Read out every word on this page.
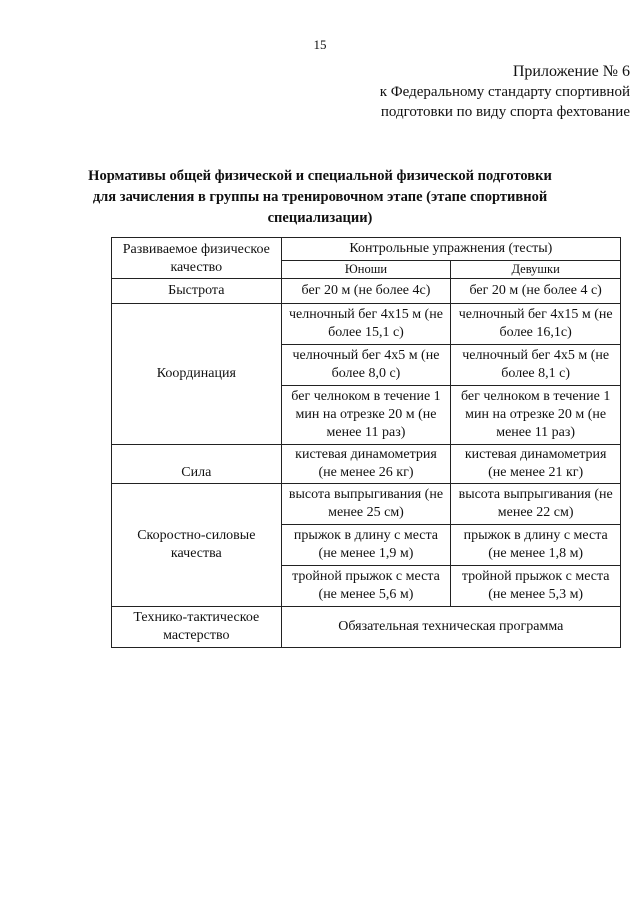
15
Приложение № 6
к Федеральному стандарту спортивной
подготовки по виду спорта фехтование
Нормативы общей физической и специальной физической подготовки
для зачисления в группы на тренировочном этапе (этапе спортивной
специализации)
Развиваемое физическое качество	Контрольные упражнения (тесты)	
	Юноши	Девушки
Быстрота	бег 20 м (не более 4с)	бег 20 м (не более 4 с)
Координация	челночный бег 4x15 м (не более 15,1 с)	челночный бег 4x15 м (не более 16,1с)
	челночный бег 4x5 м (не более 8,0 с)	челночный бег 4x5 м (не более 8,1 с)
	бег челноком в течение 1 мин на отрезке 20 м (не менее 11 раз)	бег челноком в течение 1 мин на отрезке 20 м (не менее 11 раз)
Сила	кистевая динамометрия (не менее 26 кг)	кистевая динамометрия (не менее 21 кг)
Скоростно-силовые качества	высота выпрыгивания (не менее 25 см)	высота выпрыгивания (не менее 22 см)
	прыжок в длину с места (не менее 1,9 м)	прыжок в длину с места (не менее 1,8 м)
	тройной прыжок с места (не менее 5,6 м)	тройной прыжок с места (не менее 5,3 м)
Технико-тактическое мастерство	Обязательная техническая программа	
